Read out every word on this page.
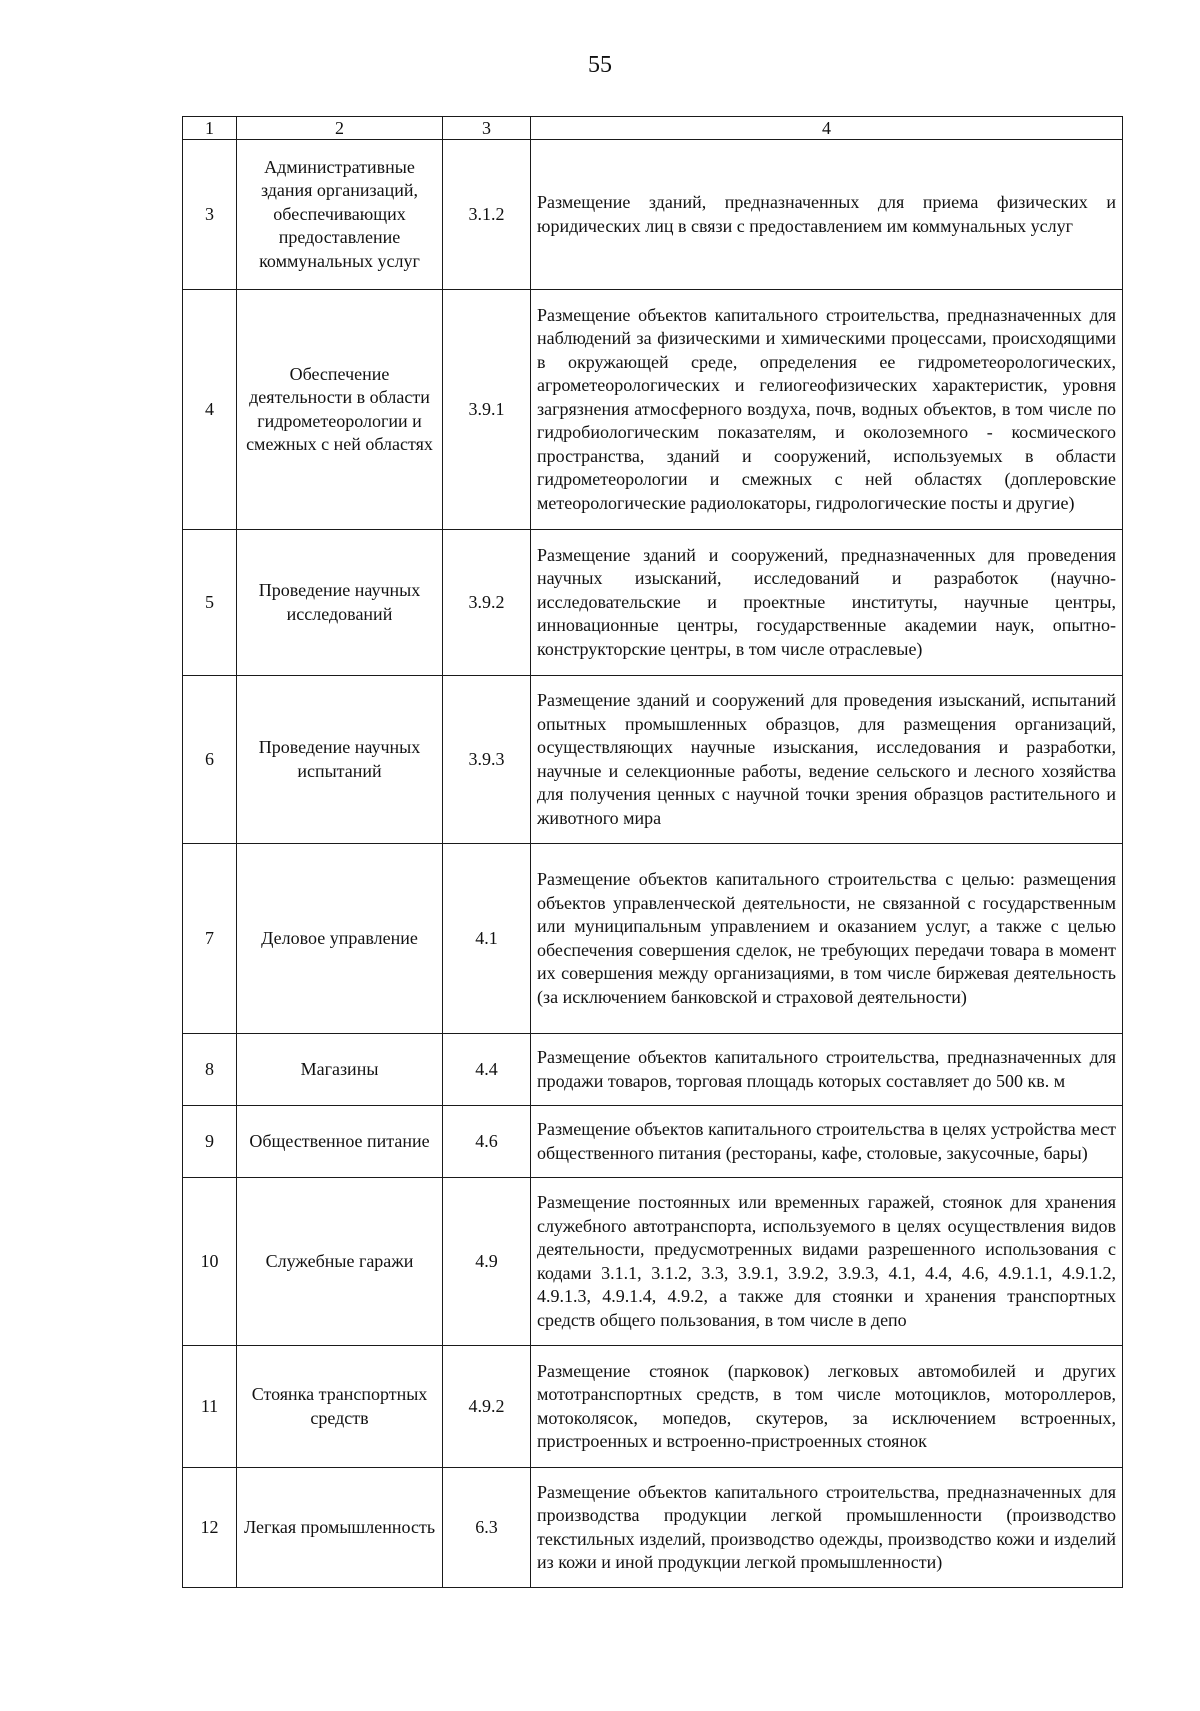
55
1	2	3	4
3	Административные здания организаций, обеспечивающих предоставление коммунальных услуг	3.1.2	Размещение зданий, предназначенных для приема физических и юридических лиц в связи с предоставлением им коммунальных услуг
4	Обеспечение деятельности в области гидрометеорологии и смежных с ней областях	3.9.1	Размещение объектов капитального строительства, предназначенных для наблюдений за физическими и химическими процессами, происходящими в окружающей среде, определения ее гидрометеорологических, агрометеорологических и гелиогеофизических характеристик, уровня загрязнения атмосферного воздуха, почв, водных объектов, в том числе по гидробиологическим показателям, и околоземного - космического пространства, зданий и сооружений, используемых в области гидрометеорологии и смежных с ней областях (доплеровские метеорологические радиолокаторы, гидрологические посты и другие)
5	Проведение научных исследований	3.9.2	Размещение зданий и сооружений, предназначенных для проведения научных изысканий, исследований и разработок (научно-исследовательские и проектные институты, научные центры, инновационные центры, государственные академии наук, опытно-конструкторские центры, в том числе отраслевые)
6	Проведение научных испытаний	3.9.3	Размещение зданий и сооружений для проведения изысканий, испытаний опытных промышленных образцов, для размещения организаций, осуществляющих научные изыскания, исследования и разработки, научные и селекционные работы, ведение сельского и лесного хозяйства для получения ценных с научной точки зрения образцов растительного и животного мира
7	Деловое управление	4.1	Размещение объектов капитального строительства с целью: размещения объектов управленческой деятельности, не связанной с государственным или муниципальным управлением и оказанием услуг, а также с целью обеспечения совершения сделок, не требующих передачи товара в момент их совершения между организациями, в том числе биржевая деятельность (за исключением банковской и страховой деятельности)
8	Магазины	4.4	Размещение объектов капитального строительства, предназначенных для продажи товаров, торговая площадь которых составляет до 500 кв. м
9	Общественное питание	4.6	Размещение объектов капитального строительства в целях устройства мест общественного питания (рестораны, кафе, столовые, закусочные, бары)
10	Служебные гаражи	4.9	Размещение постоянных или временных гаражей, стоянок для хранения служебного автотранспорта, используемого в целях осуществления видов деятельности, предусмотренных видами разрешенного использования с кодами 3.1.1, 3.1.2, 3.3, 3.9.1, 3.9.2, 3.9.3, 4.1, 4.4, 4.6, 4.9.1.1, 4.9.1.2, 4.9.1.3, 4.9.1.4, 4.9.2, а также для стоянки и хранения транспортных средств общего пользования, в том числе в депо
11	Стоянка транспортных средств	4.9.2	Размещение стоянок (парковок) легковых автомобилей и других мототранспортных средств, в том числе мотоциклов, мотороллеров, мотоколясок, мопедов, скутеров, за исключением встроенных, пристроенных и встроенно-пристроенных стоянок
12	Легкая промышленность	6.3	Размещение объектов капитального строительства, предназначенных для производства продукции легкой промышленности (производство текстильных изделий, производство одежды, производство кожи и изделий из кожи и иной продукции легкой промышленности)
